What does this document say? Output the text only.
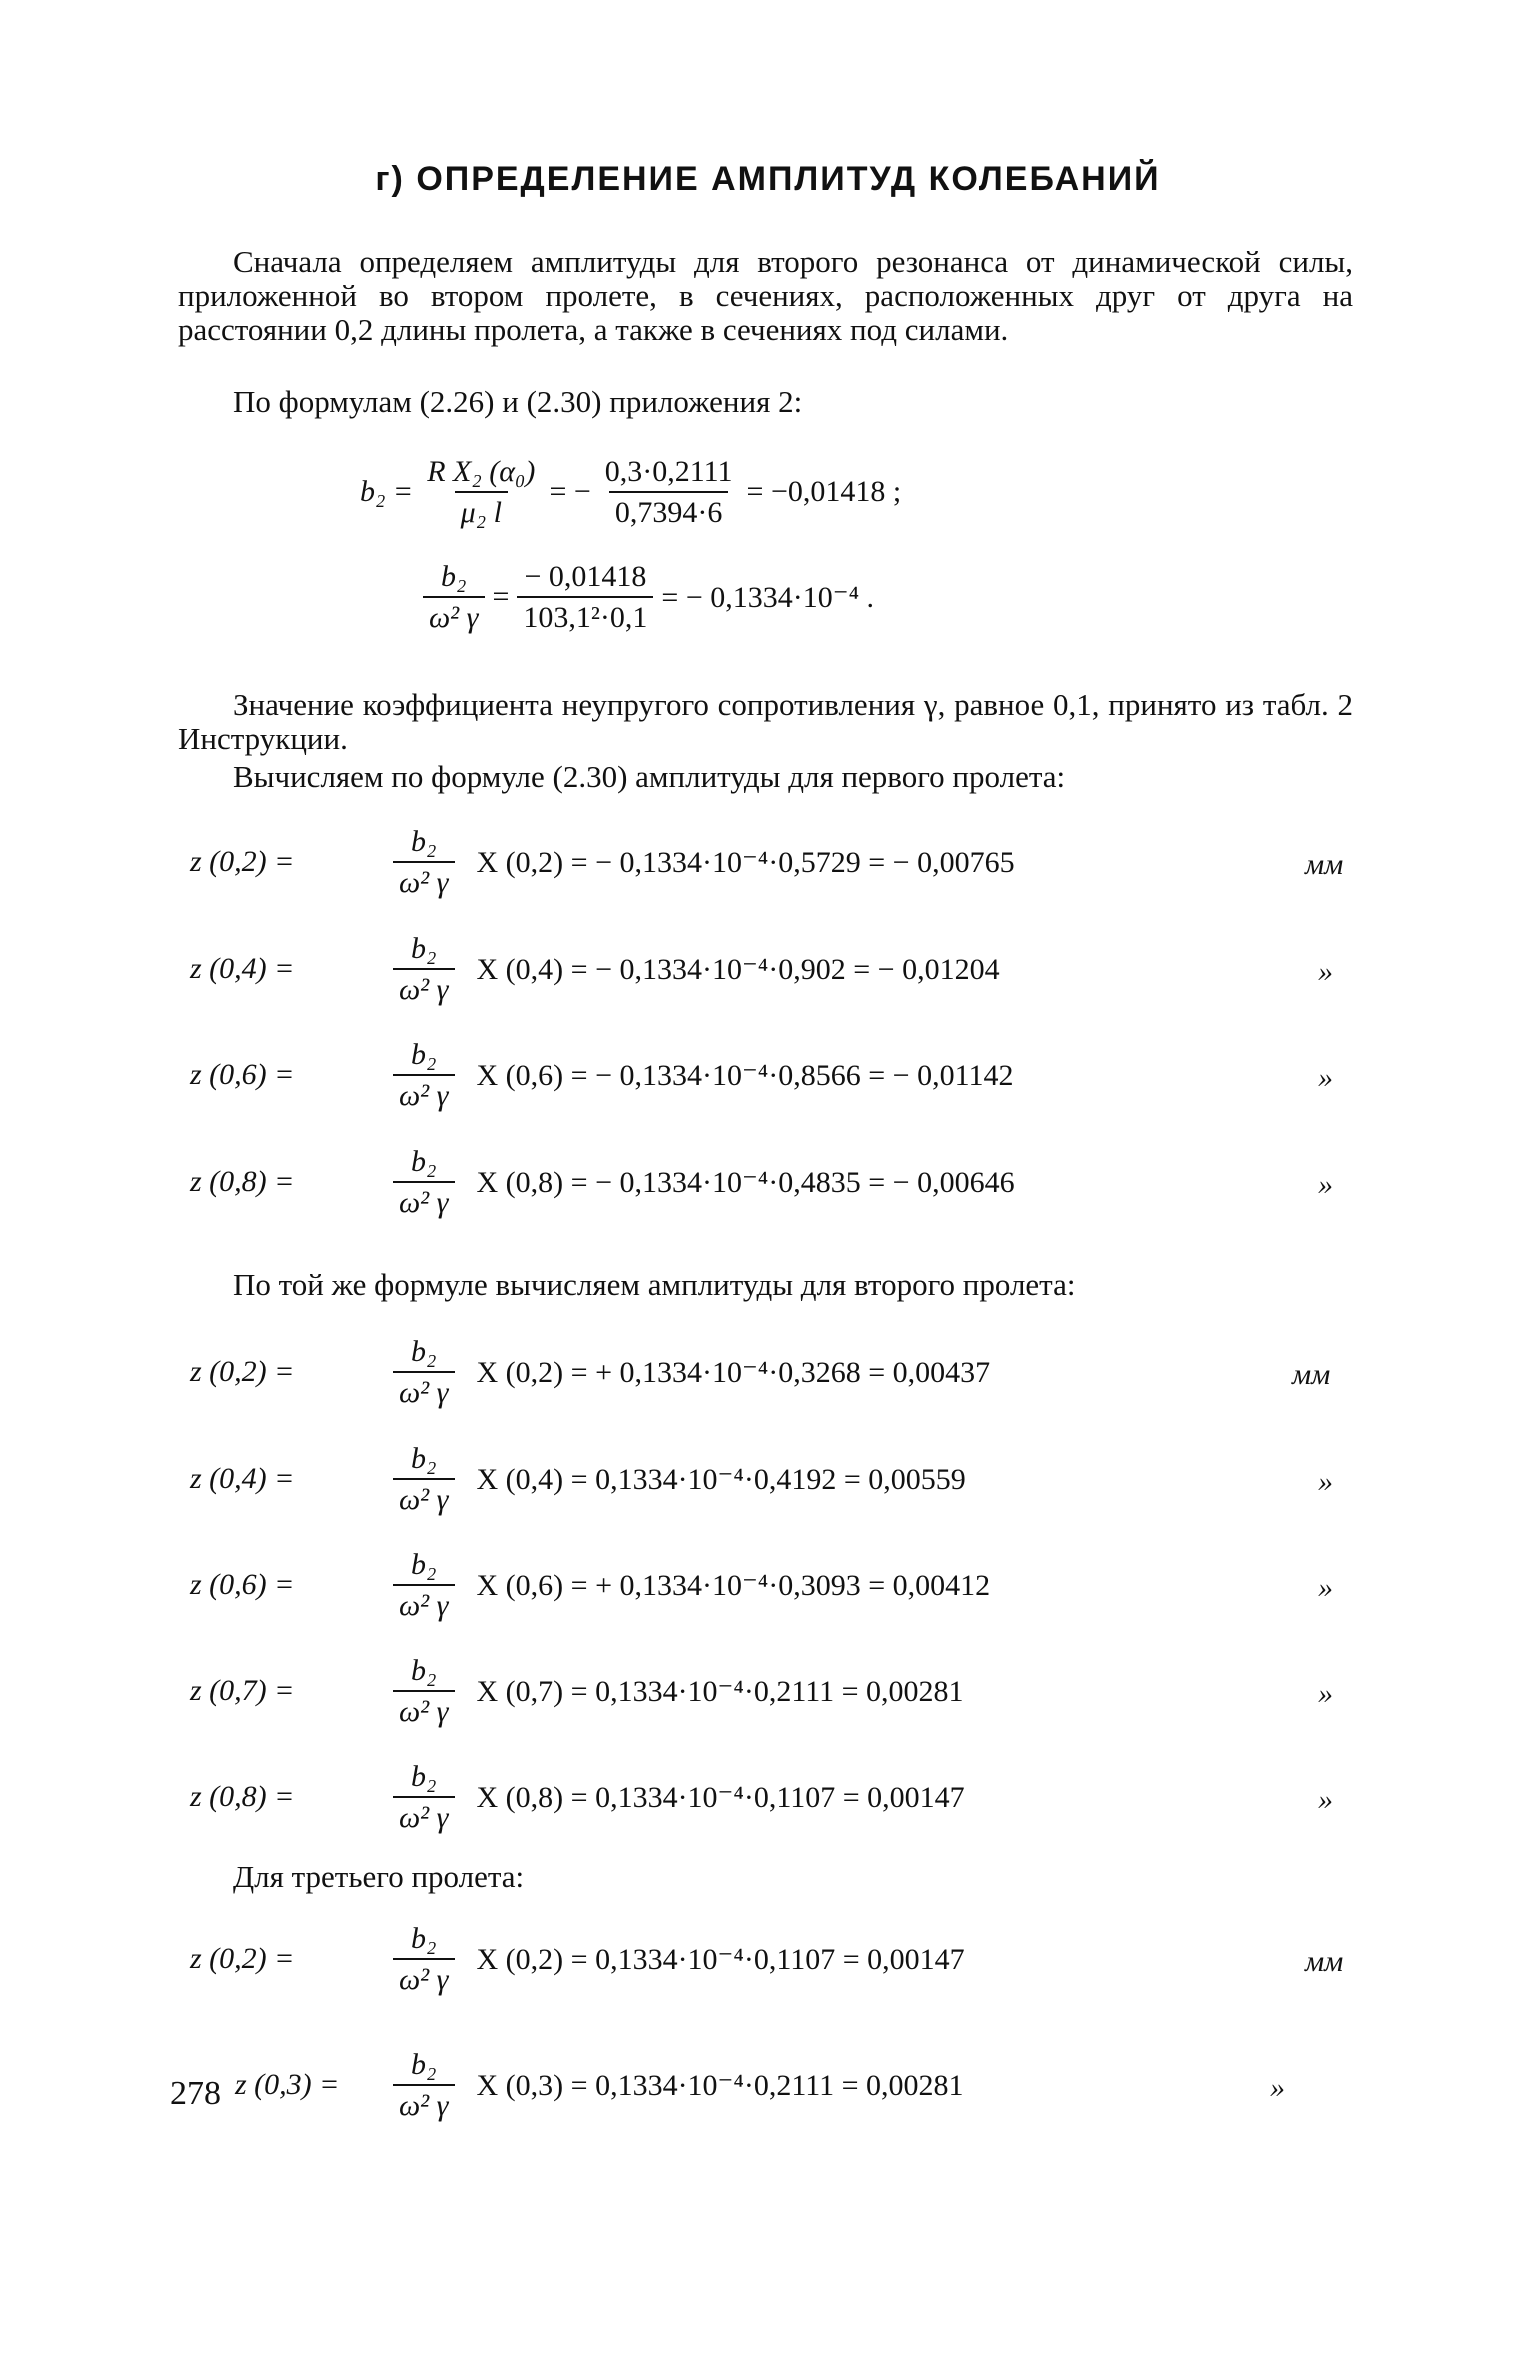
г) ОПРЕДЕЛЕНИЕ АМПЛИТУД КОЛЕБАНИЙ
Сначала определяем амплитуды для второго резонанса от динамической силы, приложенной во втором пролете, в сечениях, расположенных друг от друга на расстоянии 0,2 длины пролета, а также в сечениях под силами.
По формулам (2.26) и (2.30) приложения 2:
$b_2 = \frac{\text{R X₂ (α₀)}}{\text{μ₂ l}}$ = − $\frac{0,3\cdot 0,2111}{0,7394\cdot 6} = -0,01418$ ;
$\frac{\text{b₂}}{\text{ω² γ}} = \frac{- 0,01418}{\text{103,1²·0,1}}$ = − 0,1334·10⁻⁴ .
Значение коэффициента неупругого сопротивления γ, равное 0,1, принято из табл. 2 Инструкции.
Вычисляем по формуле (2.30) амплитуды для первого пролета:
z (0,2) =	$\frac{\text{b₂}}{\text{ω² γ}}$ X (0,2) = − 0,1334·10⁻⁴·0,5729 = − 0,00765	мм
z (0,4) =	$\frac{\text{b₂}}{\text{ω² γ}}$ X (0,4) = − 0,1334·10⁻⁴·0,902 = − 0,01204	»
z (0,6) =	$\frac{\text{b₂}}{\text{ω² γ}}$ X (0,6) = − 0,1334·10⁻⁴·0,8566 = − 0,01142	»
z (0,8) =	$\frac{\text{b₂}}{\text{ω² γ}}$ X (0,8) = − 0,1334·10⁻⁴·0,4835 = − 0,00646	»
По той же формуле вычисляем амплитуды для второго пролета:
z (0,2) =	$\frac{\text{b₂}}{\text{ω² γ}}$ X (0,2) = + 0,1334·10⁻⁴·0,3268 = 0,00437	мм
z (0,4) =	$\frac{\text{b₂}}{\text{ω² γ}}$ X (0,4) = 0,1334·10⁻⁴·0,4192 = 0,00559	»
z (0,6) =	$\frac{\text{b₂}}{\text{ω² γ}}$ X (0,6) = + 0,1334·10⁻⁴·0,3093 = 0,00412	»
z (0,7) =	$\frac{\text{b₂}}{\text{ω² γ}}$ X (0,7) = 0,1334·10⁻⁴·0,2111 = 0,00281	»
z (0,8) =	$\frac{\text{b₂}}{\text{ω² γ}}$ X (0,8) = 0,1334·10⁻⁴·0,1107 = 0,00147	»
Для третьего пролета:
z (0,2) =	$\frac{\text{b₂}}{\text{ω² γ}}$ X (0,2) = 0,1334·10⁻⁴·0,1107 = 0,00147	мм
z (0,3) =	$\frac{\text{b₂}}{\text{ω² γ}}$ X (0,3) = 0,1334·10⁻⁴·0,2111 = 0,00281	»
278
